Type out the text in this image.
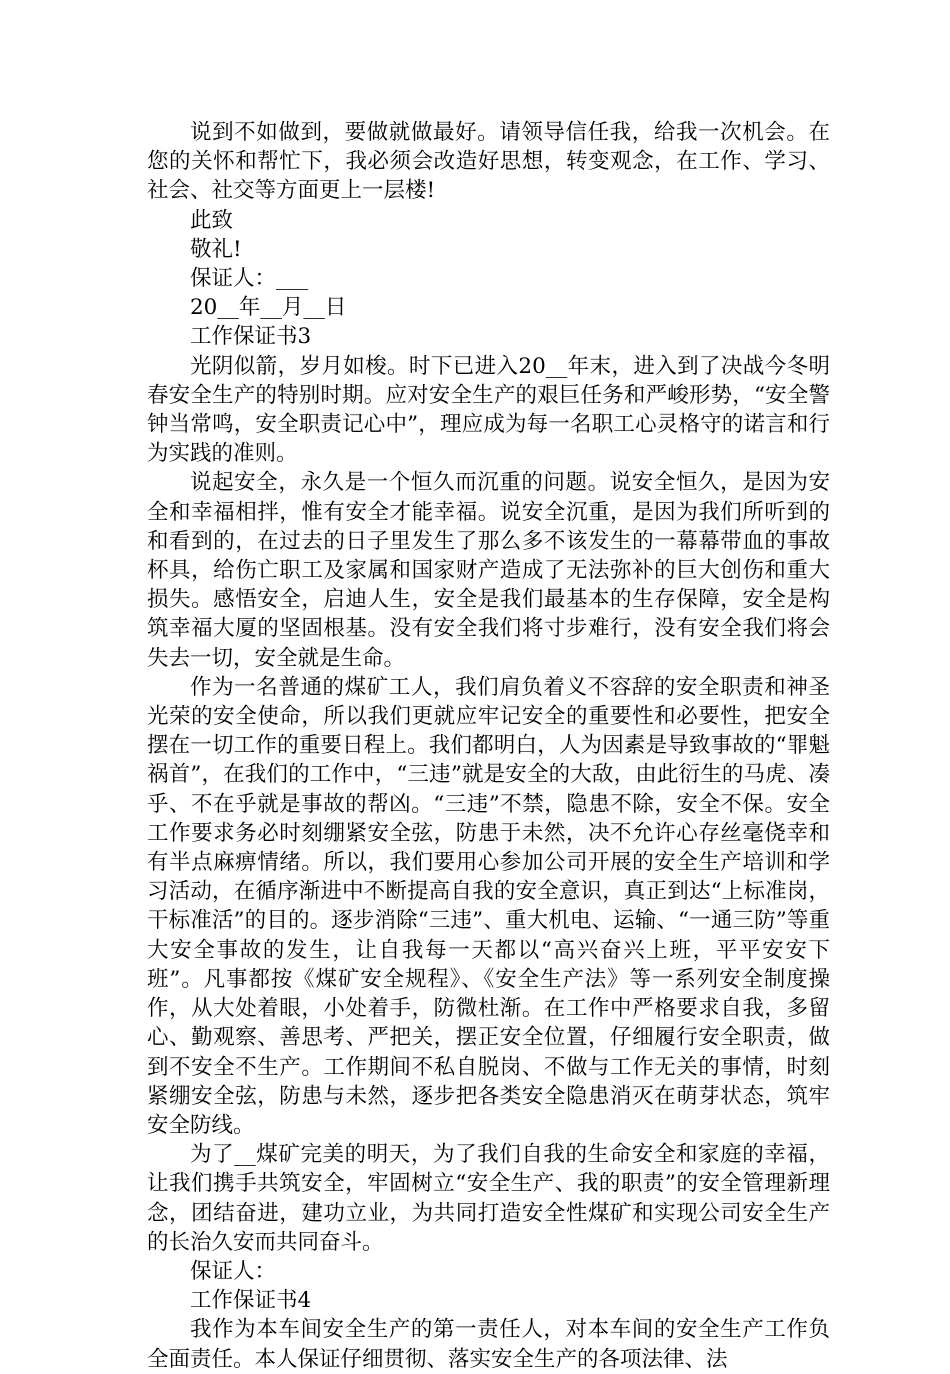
说到不如做到，要做就做最好。请领导信任我，给我一次机会。在您的关怀和帮忙下，我必须会改造好思想，转变观念，在工作、学习、社会、社交等方面更上一层楼!

此致

敬礼!

保证人：___

20__年__月__日

工作保证书3

光阴似箭，岁月如梭。时下已进入20__年末，进入到了决战今冬明春安全生产的特别时期。应对安全生产的艰巨任务和严峻形势，“安全警钟当常鸣，安全职责记心中”，理应成为每一名职工心灵格守的诺言和行为实践的准则。

说起安全，永久是一个恒久而沉重的问题。说安全恒久，是因为安全和幸福相拌，惟有安全才能幸福。说安全沉重，是因为我们所听到的和看到的，在过去的日子里发生了那么多不该发生的一幕幕带血的事故杯具，给伤亡职工及家属和国家财产造成了无法弥补的巨大创伤和重大损失。感悟安全，启迪人生，安全是我们最基本的生存保障，安全是构筑幸福大厦的坚固根基。没有安全我们将寸步难行，没有安全我们将会失去一切，安全就是生命。

作为一名普通的煤矿工人，我们肩负着义不容辞的安全职责和神圣光荣的安全使命，所以我们更就应牢记安全的重要性和必要性，把安全摆在一切工作的重要日程上。我们都明白，人为因素是导致事故的“罪魁祸首”，在我们的工作中，“三违”就是安全的大敌，由此衍生的马虎、凑乎、不在乎就是事故的帮凶。“三违”不禁，隐患不除，安全不保。安全工作要求务必时刻绷紧安全弦，防患于未然，决不允许心存丝毫侥幸和有半点麻痹情绪。所以，我们要用心参加公司开展的安全生产培训和学习活动，在循序渐进中不断提高自我的安全意识，真正到达“上标准岗，干标准活”的目的。逐步消除“三违”、重大机电、运输、“一通三防”等重大安全事故的发生，让自我每一天都以“高兴奋兴上班，平平安安下班”。凡事都按《煤矿安全规程》、《安全生产法》等一系列安全制度操作，从大处着眼，小处着手，防微杜渐。在工作中严格要求自我，多留心、勤观察、善思考、严把关，摆正安全位置，仔细履行安全职责，做到不安全不生产。工作期间不私自脱岗、不做与工作无关的事情，时刻紧绷安全弦，防患与未然，逐步把各类安全隐患消灭在萌芽状态，筑牢安全防线。

为了__煤矿完美的明天，为了我们自我的生命安全和家庭的幸福，让我们携手共筑安全，牢固树立“安全生产、我的职责”的安全管理新理念，团结奋进，建功立业，为共同打造安全性煤矿和实现公司安全生产的长治久安而共同奋斗。

保证人：

工作保证书4

我作为本车间安全生产的第一责任人，对本车间的安全生产工作负全面责任。本人保证仔细贯彻、落实安全生产的各项法律、法
